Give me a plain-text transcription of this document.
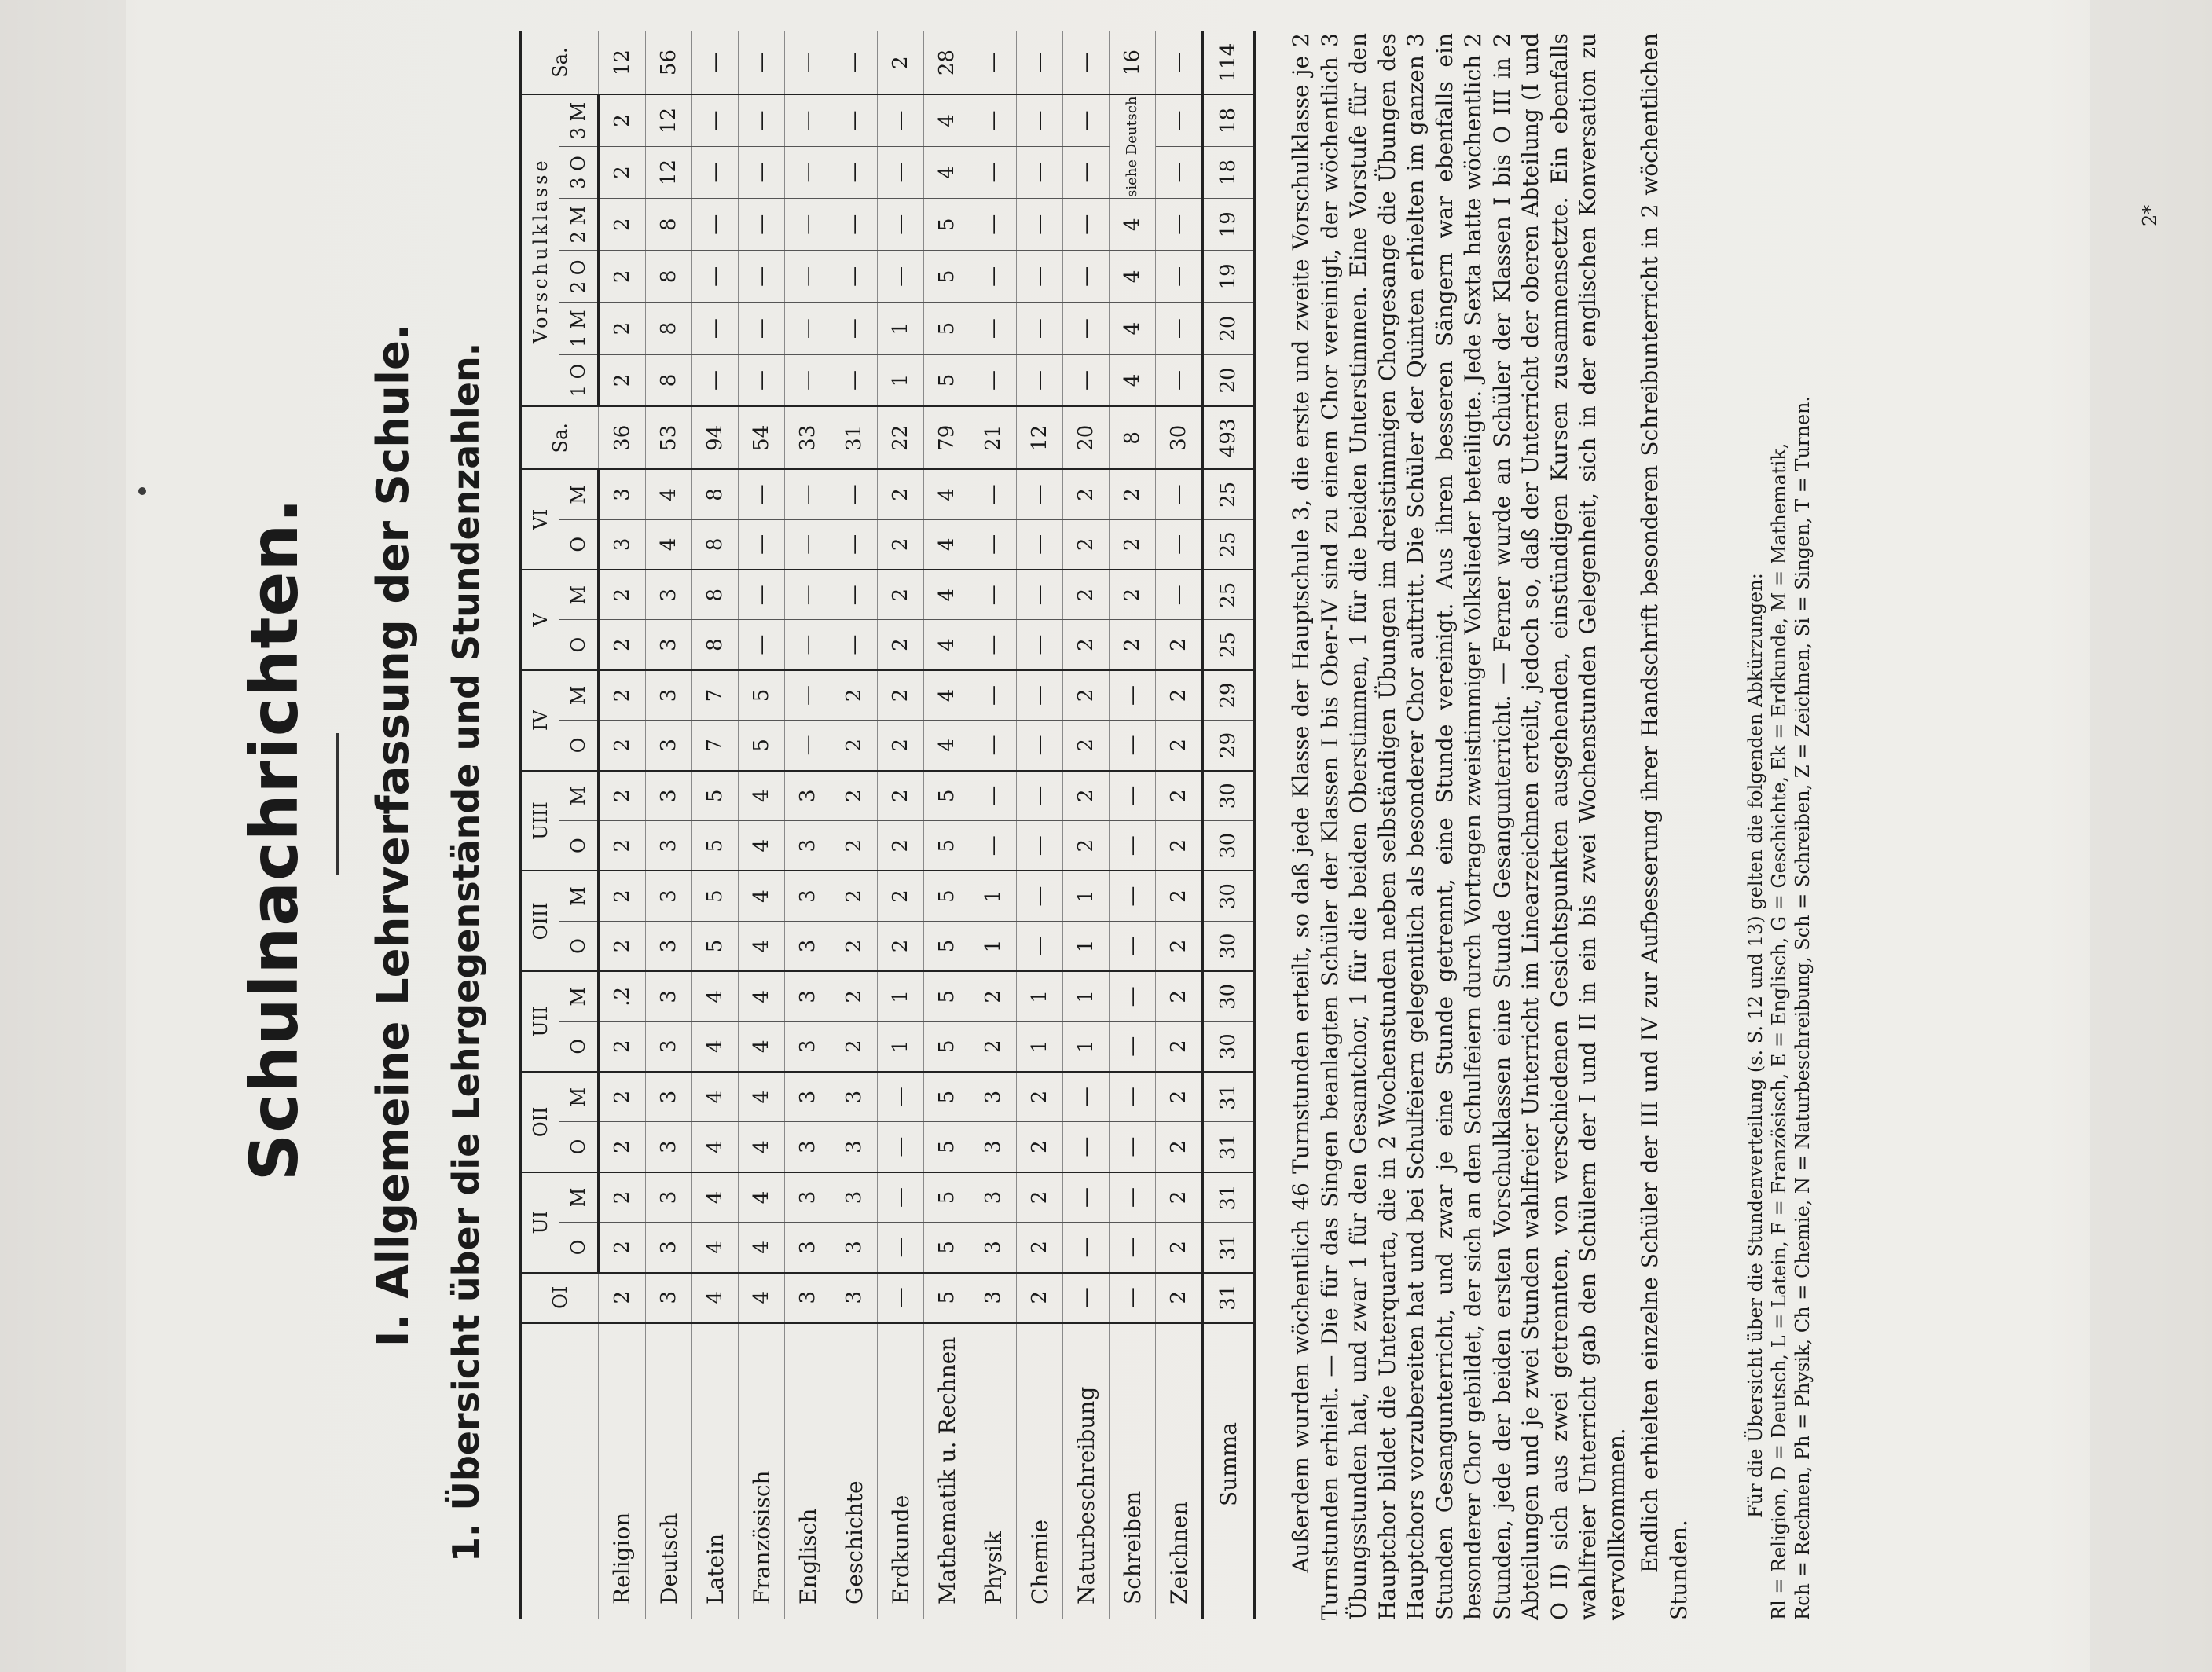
Schulnachrichten. I. Allgemeine Lehrverfassung der Schule. 1. Übersicht über die Lehrgegenstände und Stundenzahlen.
		OI	UI		OII		UII		OIII		UIII		IV		V		VI		Sa.	Vorschulklasse						Sa.
		O	M	O	M	O	M	O	M	O	M	O	M	O	M	O	M		1 O	1 M	2 O	2 M	3 O	3 M	
Religion	2	2	2	2	2	2	.2	2	2	2	2	2	2	2	2	3	3	36	2	2	2	2	2	2	12
Deutsch	3	3	3	3	3	3	3	3	3	3	3	3	3	3	3	4	4	53	8	8	8	8	12	12	56
Latein	4	4	4	4	4	4	4	5	5	5	5	7	7	8	8	8	8	94	—	—	—	—	—	—	—
Französisch	4	4	4	4	4	4	4	4	4	4	4	5	5	—	—	—	—	54	—	—	—	—	—	—	—
Englisch	3	3	3	3	3	3	3	3	3	3	3	—	—	—	—	—	—	33	—	—	—	—	—	—	—
Geschichte	3	3	3	3	3	2	2	2	2	2	2	2	2	—	—	—	—	31	—	—	—	—	—	—	—
Erdkunde	—	—	—	—	—	1	1	2	2	2	2	2	2	2	2	2	2	22	1	1	—	—	—	—	2
Mathematik u. Rechnen	5	5	5	5	5	5	5	5	5	5	5	4	4	4	4	4	4	79	5	5	5	5	4	4	28
Physik	3	3	3	3	3	2	2	1	1	—	—	—	—	—	—	—	—	21	—	—	—	—	—	—	—
Chemie	2	2	2	2	2	1	1	—	—	—	—	—	—	—	—	—	—	12	—	—	—	—	—	—	—
Naturbeschreibung	—	—	—	—	—	1	1	1	1	2	2	2	2	2	2	2	2	20	—	—	—	—	—	—	—
Schreiben	—	—	—	—	—	—	—	—	—	—	—	—	—	2	2	2	2	8	4	4	4	4	siehe Deutsch		16
Zeichnen	2	2	2	2	2	2	2	2	2	2	2	2	2	2	—	—	—	30	—	—	—	—	—	—	—
Summa	31	31	31	31	31	30	30	30	30	30	30	29	29	25	25	25	25	493	20	20	19	19	18	18	114 Außerdem wurden wöchentlich 46 Turnstunden erteilt, so daß jede Klasse der Hauptschule 3, die erste und zweite Vorschulklasse je 2 Turnstunden erhielt. — Die für das Singen beanlagten Schüler der Klassen I bis Ober-IV sind zu einem Chor vereinigt, der wöchentlich 3 Übungsstunden hat, und zwar 1 für den Gesamtchor, 1 für die beiden Oberstimmen, 1 für die beiden Unterstimmen. Eine Vorstufe für den Hauptchor bildet die Unterquarta, die in 2 Wochenstunden neben selbständigen Übungen im dreistimmigen Chorgesange die Übungen des Hauptchors vorzubereiten hat und bei Schulfeiern gelegentlich als besonderer Chor auftritt. Die Schüler der Quinten erhielten im ganzen 3 Stunden Gesangunterricht, und zwar je eine Stunde getrennt, eine Stunde vereinigt. Aus ihren besseren Sängern war ebenfalls ein besonderer Chor gebildet, der sich an den Schulfeiern durch Vortragen zweistimmiger Volkslieder beteiligte. Jede Sexta hatte wöchentlich 2 Stunden, jede der beiden ersten Vorschulklassen eine Stunde Gesangunterricht. — Ferner wurde an Schüler der Klassen I bis O III in 2 Abteilungen und je zwei Stunden wahlfreier Unterricht im Linearzeichnen erteilt, jedoch so, daß der Unterricht der oberen Abteilung (I und O II) sich aus zwei getrennten, von verschiedenen Gesichtspunkten ausgehenden, einstündigen Kursen zusammensetzte. Ein ebenfalls wahlfreier Unterricht gab den Schülern der I und II in ein bis zwei Wochenstunden Gelegenheit, sich in der englischen Konversation zu vervollkommnen. Endlich erhielten einzelne Schüler der III und IV zur Aufbesserung ihrer Handschrift besonderen Schreibunterricht in 2 wöchentlichen Stunden.

Für die Übersicht über die Stundenverteilung (s. S. 12 und 13) gelten die folgenden Abkürzungen: Rl = Religion, D = Deutsch, L = Latein, F = Französisch, E = Englisch, G = Geschichte, Ek = Erdkunde, M = Mathematik, Rch = Rechnen, Ph = Physik, Ch = Chemie, N = Naturbeschreibung, Sch = Schreiben, Z = Zeichnen, Si = Singen, T = Turnen.

2*
